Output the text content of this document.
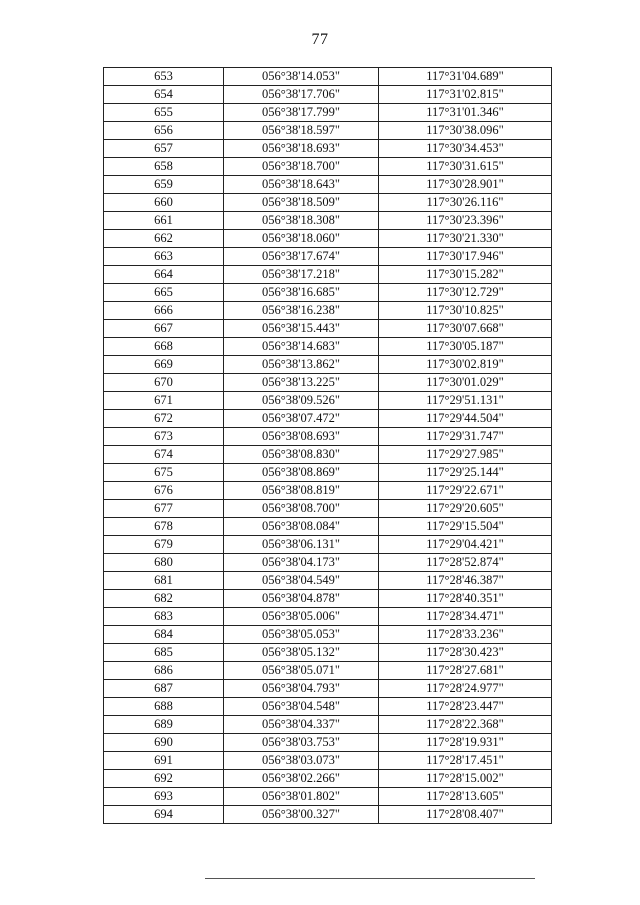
77
653	056°38'14.053"	117°31'04.689"
654	056°38'17.706"	117°31'02.815"
655	056°38'17.799"	117°31'01.346"
656	056°38'18.597"	117°30'38.096"
657	056°38'18.693"	117°30'34.453"
658	056°38'18.700"	117°30'31.615"
659	056°38'18.643"	117°30'28.901"
660	056°38'18.509"	117°30'26.116"
661	056°38'18.308"	117°30'23.396"
662	056°38'18.060"	117°30'21.330"
663	056°38'17.674"	117°30'17.946"
664	056°38'17.218"	117°30'15.282"
665	056°38'16.685"	117°30'12.729"
666	056°38'16.238"	117°30'10.825"
667	056°38'15.443"	117°30'07.668"
668	056°38'14.683"	117°30'05.187"
669	056°38'13.862"	117°30'02.819"
670	056°38'13.225"	117°30'01.029"
671	056°38'09.526"	117°29'51.131"
672	056°38'07.472"	117°29'44.504"
673	056°38'08.693"	117°29'31.747"
674	056°38'08.830"	117°29'27.985"
675	056°38'08.869"	117°29'25.144"
676	056°38'08.819"	117°29'22.671"
677	056°38'08.700"	117°29'20.605"
678	056°38'08.084"	117°29'15.504"
679	056°38'06.131"	117°29'04.421"
680	056°38'04.173"	117°28'52.874"
681	056°38'04.549"	117°28'46.387"
682	056°38'04.878"	117°28'40.351"
683	056°38'05.006"	117°28'34.471"
684	056°38'05.053"	117°28'33.236"
685	056°38'05.132"	117°28'30.423"
686	056°38'05.071"	117°28'27.681"
687	056°38'04.793"	117°28'24.977"
688	056°38'04.548"	117°28'23.447"
689	056°38'04.337"	117°28'22.368"
690	056°38'03.753"	117°28'19.931"
691	056°38'03.073"	117°28'17.451"
692	056°38'02.266"	117°28'15.002"
693	056°38'01.802"	117°28'13.605"
694	056°38'00.327"	117°28'08.407"
